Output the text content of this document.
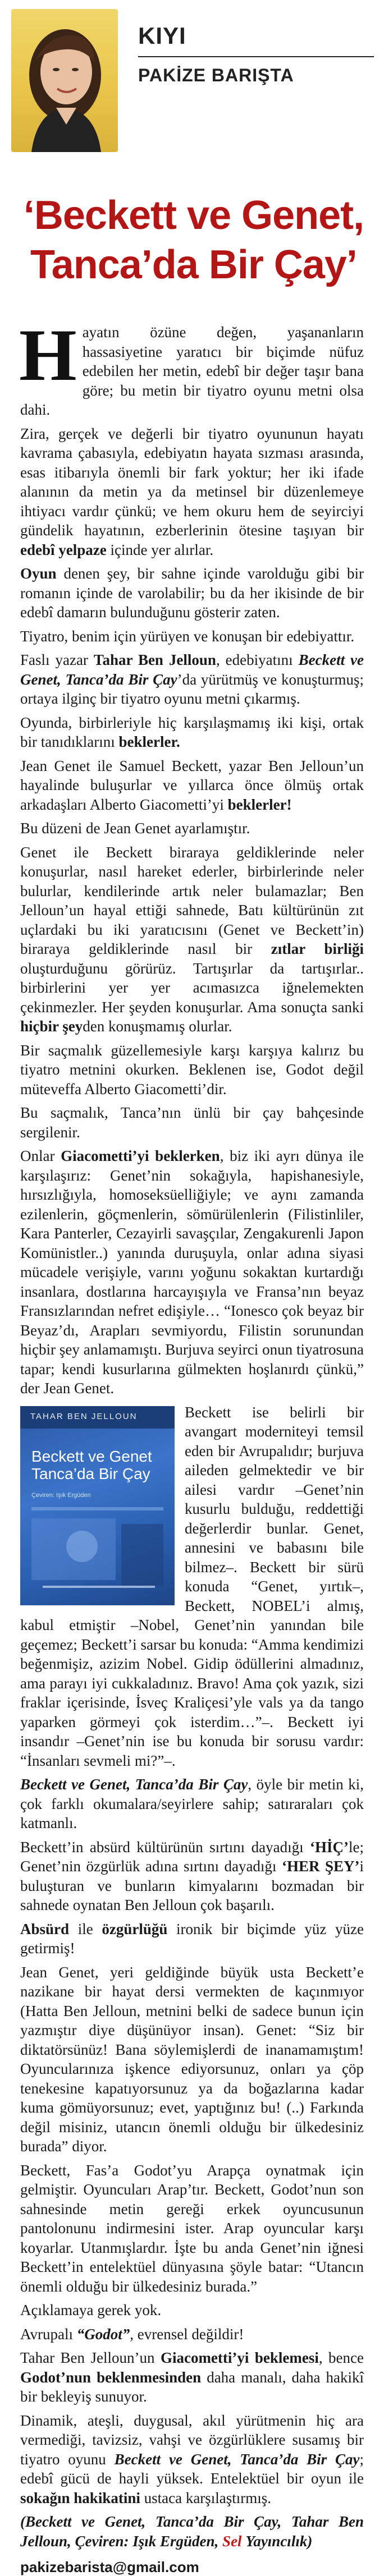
KIYI
PAKİZE BARIŞTA
‘Beckett ve Genet, Tanca’da Bir Çay’

Hayatın özüne değen, yaşananların hassasiyetine yaratıcı bir biçimde nüfuz edebilen her metin, edebî bir değer taşır bana göre; bu metin bir tiyatro oyunu metni olsa dahi.

Zira, gerçek ve değerli bir tiyatro oyununun hayatı kavrama çabasıyla, edebiyatın hayata sızması arasında, esas itibarıyla önemli bir fark yoktur; her iki ifade alanının da metin ya da metinsel bir düzenlemeye ihtiyacı vardır çünkü; ve hem okuru hem de seyirciyi gündelik hayatının, ezberlerinin ötesine taşıyan bir edebî yelpaze içinde yer alırlar.

Oyun denen şey, bir sahne içinde varolduğu gibi bir romanın içinde de varolabilir; bu da her ikisinde de bir edebî damarın bulunduğunu gösterir zaten.

Tiyatro, benim için yürüyen ve konuşan bir edebiyattır.

Faslı yazar Tahar Ben Jelloun, edebiyatını Beckett ve Genet, Tanca’da Bir Çay’da yürütmüş ve konuşturmuş; ortaya ilginç bir tiyatro oyunu metni çıkarmış.

Oyunda, birbirleriyle hiç karşılaşmamış iki kişi, ortak bir tanıdıklarını beklerler.

Jean Genet ile Samuel Beckett, yazar Ben Jelloun’un hayalinde buluşurlar ve yıllarca önce ölmüş ortak arkadaşları Alberto Giacometti’yi beklerler!

Bu düzeni de Jean Genet ayarlamıştır.

Genet ile Beckett biraraya geldiklerinde neler konuşurlar, nasıl hareket ederler, birbirlerinde neler bulurlar, kendilerinde artık neler bulamazlar; Ben Jelloun’un hayal ettiği sahnede, Batı kültürünün zıt uçlardaki bu iki yaratıcısını (Genet ve Beckett’in) biraraya geldiklerinde nasıl bir zıtlar birliği oluşturduğunu görürüz. Tartışırlar da tartışırlar.. birbirlerini yer yer acımasızca iğnelemekten çekinmezler. Her şeyden konuşurlar. Ama sonuçta sanki hiçbir şeyden konuşmamış olurlar.

Bir saçmalık güzellemesiyle karşı karşıya kalırız bu tiyatro metnini okurken. Beklenen ise, Godot değil müteveffa Alberto Giacometti’dir.

Bu saçmalık, Tanca’nın ünlü bir çay bahçesinde sergilenir.

Onlar Giacometti’yi beklerken, biz iki ayrı dünya ile karşılaşırız: Genet’nin sokağıyla, hapishanesiyle, hırsızlığıyla, homoseksüelliğiyle; ve aynı zamanda ezilenlerin, göçmenlerin, sömürülenlerin (Filistinliler, Kara Panterler, Cezayirli savaşçılar, Zengakurenli Japon Komünistler..) yanında duruşuyla, onlar adına siyasi mücadele verişiyle, varını yoğunu sokaktan kurtardığı insanlara, dostlarına harcayışıyla ve Fransa’nın beyaz Fransızlarından nefret edişiyle… “Ionesco çok beyaz bir Beyaz’dı, Arapları sevmiyordu, Filistin sorunundan hiçbir şey anlamamıştı. Burjuva seyirci onun tiyatrosuna tapar; kendi kusurlarına gülmekten hoşlanırdı çünkü,” der Jean Genet.

TAHAR BEN JELLOUN
Beckett ve Genet
Tanca’da Bir Çay
Çeviren: Işık Ergüden
Beckett ise belirli bir avangart moderniteyi temsil eden bir Avrupalıdır; burjuva aileden gelmektedir ve bir ailesi vardır –Genet’nin kusurlu bulduğu, reddettiği değerlerdir bunlar. Genet, annesini ve babasını bile bilmez–. Beckett bir sürü konuda “Genet, yırtık–, Beckett, NOBEL’i almış, kabul etmiştir –Nobel, Genet’nin yanından bile geçemez; Beckett’i sarsar bu konuda: “Amma kendimizi beğenmişiz, azizim Nobel. Gidip ödüllerini almadınız, ama parayı iyi cukkaladınız. Bravo! Ama çok yazık, sizi fraklar içerisinde, İsveç Kraliçesi’yle vals ya da tango yaparken görmeyi çok isterdim…”–. Beckett iyi insandır –Genet’nin ise bu konuda bir sorusu vardır: “İnsanları sevmeli mi?”–.

Beckett ve Genet, Tanca’da Bir Çay, öyle bir metin ki, çok farklı okumalara/seyirlere sahip; satıraraları çok katmanlı.

Beckett’in absürd kültürünün sırtını dayadığı ‘HİÇ’le; Genet’nin özgürlük adına sırtını dayadığı ‘HER ŞEY’i buluşturan ve bunların kimyalarını bozmadan bir sahnede oynatan Ben Jelloun çok başarılı.

Absürd ile özgürlüğü ironik bir biçimde yüz yüze getirmiş!

Jean Genet, yeri geldiğinde büyük usta Beckett’e nazikane bir hayat dersi vermekten de kaçınmıyor (Hatta Ben Jelloun, metnini belki de sadece bunun için yazmıştır diye düşünüyor insan). Genet: “Siz bir diktatörsünüz! Bana söylemişlerdi de inanamamıştım! Oyuncularınıza işkence ediyorsunuz, onları ya çöp tenekesine kapatıyorsunuz ya da boğazlarına kadar kuma gömüyorsunuz; evet, yaptığınız bu! (..) Farkında değil misiniz, utancın önemli olduğu bir ülkedesiniz burada” diyor.

Beckett, Fas’a Godot’yu Arapça oynatmak için gelmiştir. Oyuncuları Arap’tır. Beckett, Godot’nun son sahnesinde metin gereği erkek oyuncusunun pantolonunu indirmesini ister. Arap oyuncular karşı koyarlar. Utanmışlardır. İşte bu anda Genet’nin iğnesi Beckett’in entelektüel dünyasına şöyle batar: “Utancın önemli olduğu bir ülkedesiniz burada.”

Açıklamaya gerek yok.

Avrupalı “Godot”, evrensel değildir!

Tahar Ben Jelloun’un Giacometti’yi beklemesi, bence Godot’nun beklenmesinden daha manalı, daha hakikî bir bekleyiş sunuyor.

Dinamik, ateşli, duygusal, akıl yürütmenin hiç ara vermediği, tavizsiz, vahşi ve özgürlüklere susamış bir tiyatro oyunu Beckett ve Genet, Tanca’da Bir Çay; edebî gücü de hayli yüksek. Entelektüel bir oyun ile sokağın hakikatini ustaca karşılaştırmış.

(Beckett ve Genet, Tanca’da Bir Çay, Tahar Ben Jelloun, Çeviren: Işık Ergüden, Sel Yayıncılık)

pakizebarista@gmail.com
